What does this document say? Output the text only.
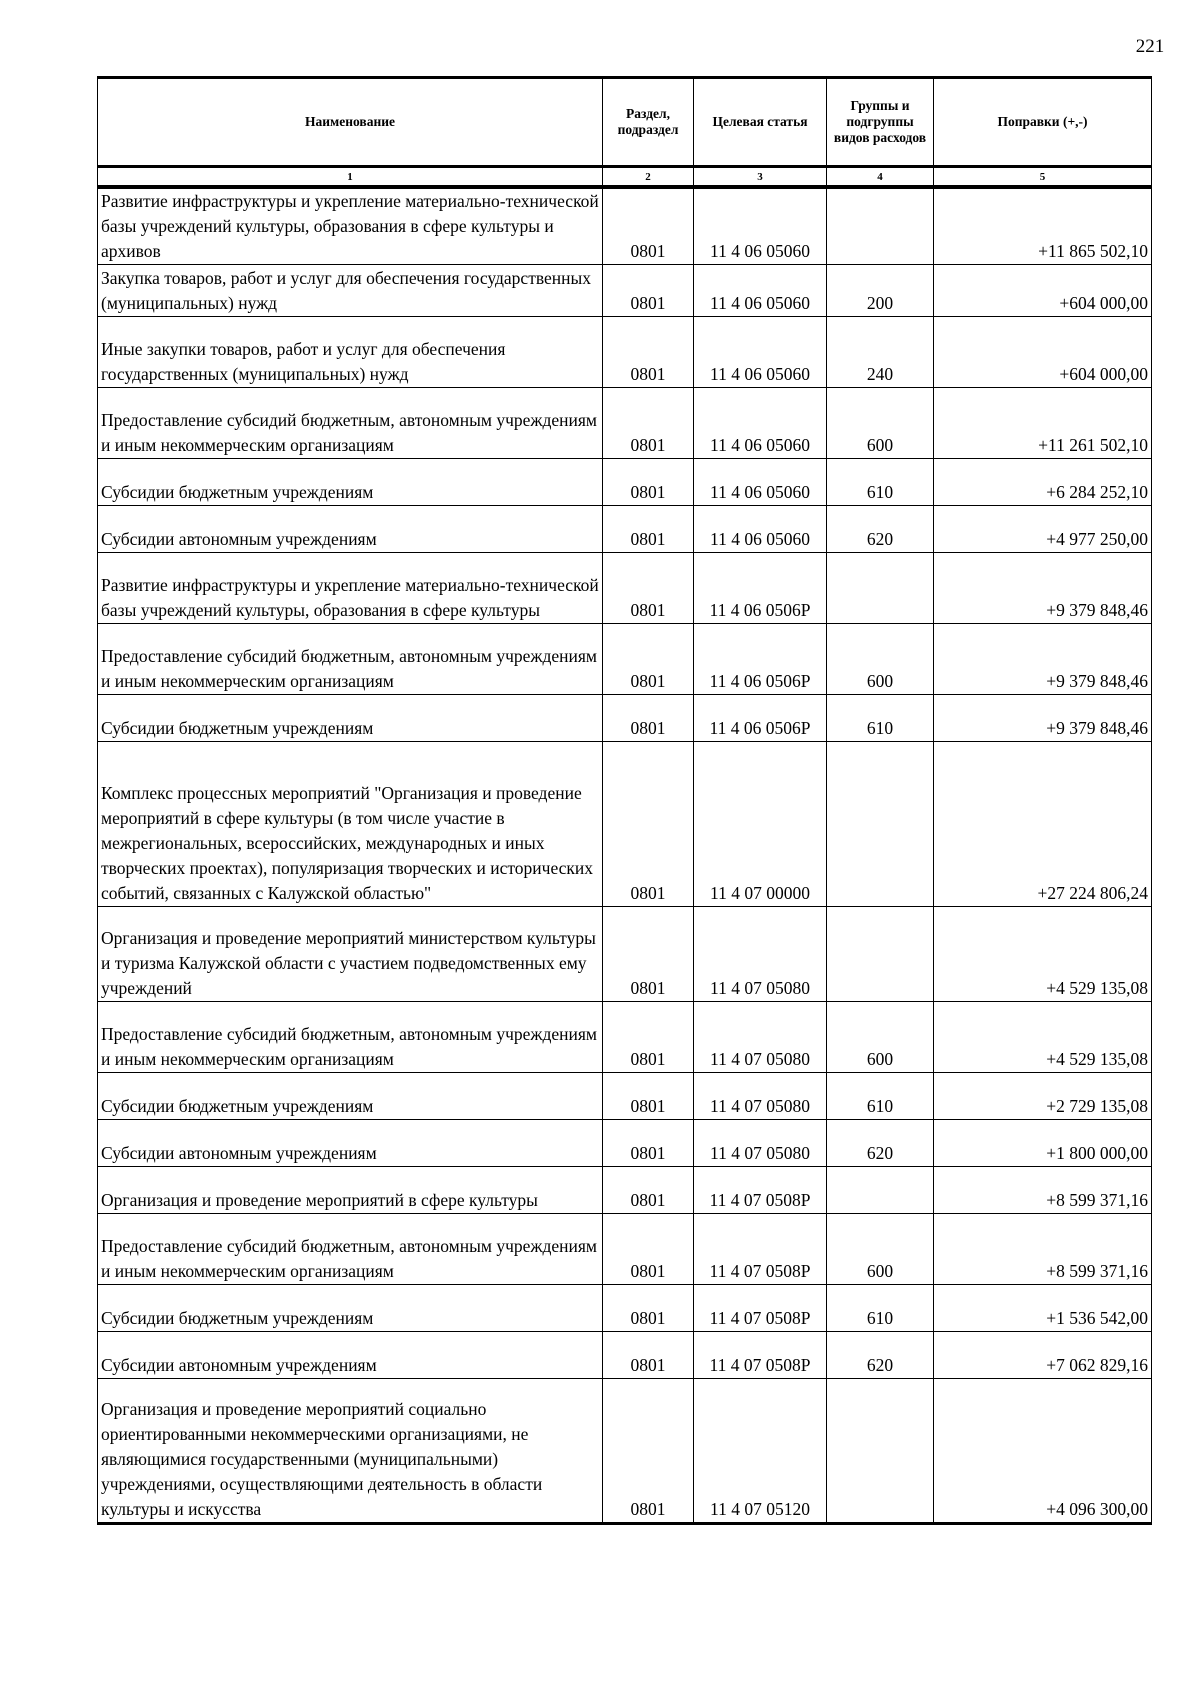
221
Наименование	Раздел, подраздел	Целевая статья	Группы и подгруппы видов расходов	Поправки (+,-)
1	2	3	4	5
Развитие инфраструктуры и укрепление материально-технической базы учреждений культуры, образования в сфере культуры и архивов	0801	11 4 06 05060		+11 865 502,10
Закупка товаров, работ и услуг для обеспечения государственных (муниципальных) нужд	0801	11 4 06 05060	200	+604 000,00
Иные закупки товаров, работ и услуг для обеспечения государственных (муниципальных) нужд	0801	11 4 06 05060	240	+604 000,00
Предоставление субсидий бюджетным, автономным учреждениям и иным некоммерческим организациям	0801	11 4 06 05060	600	+11 261 502,10
Субсидии бюджетным учреждениям	0801	11 4 06 05060	610	+6 284 252,10
Субсидии автономным учреждениям	0801	11 4 06 05060	620	+4 977 250,00
Развитие инфраструктуры и укрепление материально-технической базы учреждений культуры, образования в сфере культуры	0801	11 4 06 0506Р		+9 379 848,46
Предоставление субсидий бюджетным, автономным учреждениям и иным некоммерческим организациям	0801	11 4 06 0506Р	600	+9 379 848,46
Субсидии бюджетным учреждениям	0801	11 4 06 0506Р	610	+9 379 848,46
Комплекс процессных мероприятий "Организация и проведение мероприятий в сфере культуры (в том числе участие в межрегиональных, всероссийских, международных и иных творческих проектах), популяризация творческих и исторических событий, связанных с Калужской областью"	0801	11 4 07 00000		+27 224 806,24
Организация и проведение мероприятий министерством культуры и туризма Калужской области с участием подведомственных ему учреждений	0801	11 4 07 05080		+4 529 135,08
Предоставление субсидий бюджетным, автономным учреждениям и иным некоммерческим организациям	0801	11 4 07 05080	600	+4 529 135,08
Субсидии бюджетным учреждениям	0801	11 4 07 05080	610	+2 729 135,08
Субсидии автономным учреждениям	0801	11 4 07 05080	620	+1 800 000,00
Организация и проведение мероприятий в сфере культуры	0801	11 4 07 0508Р		+8 599 371,16
Предоставление субсидий бюджетным, автономным учреждениям и иным некоммерческим организациям	0801	11 4 07 0508Р	600	+8 599 371,16
Субсидии бюджетным учреждениям	0801	11 4 07 0508Р	610	+1 536 542,00
Субсидии автономным учреждениям	0801	11 4 07 0508Р	620	+7 062 829,16
Организация и проведение мероприятий социально ориентированными некоммерческими организациями, не являющимися государственными (муниципальными) учреждениями, осуществляющими деятельность в области культуры и искусства	0801	11 4 07 05120		+4 096 300,00
